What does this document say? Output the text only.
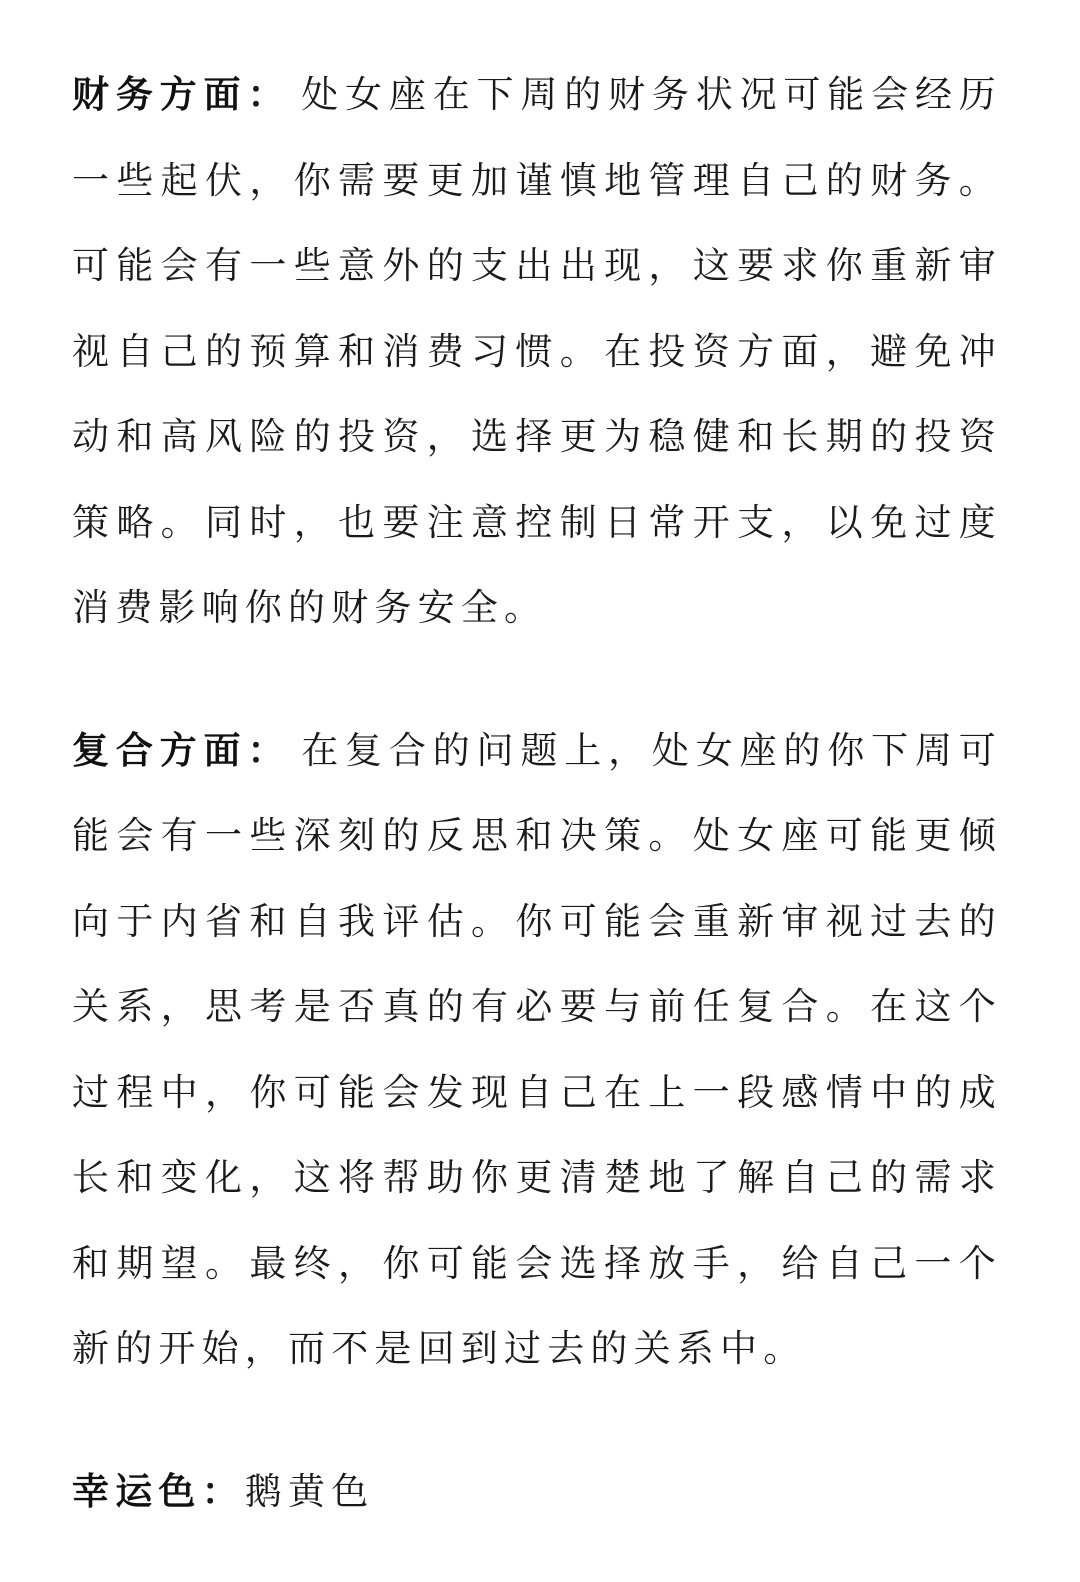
财务方面： 处女座在下周的财务状况可能会经历一些起伏，你需要更加谨慎地管理自己的财务。可能会有一些意外的支出出现，这要求你重新审视自己的预算和消费习惯。在投资方面，避免冲动和高风险的投资，选择更为稳健和长期的投资策略。同时，也要注意控制日常开支，以免过度消费影响你的财务安全。

复合方面： 在复合的问题上，处女座的你下周可能会有一些深刻的反思和决策。处女座可能更倾向于内省和自我评估。你可能会重新审视过去的关系，思考是否真的有必要与前任复合。在这个过程中，你可能会发现自己在上一段感情中的成长和变化，这将帮助你更清楚地了解自己的需求和期望。最终，你可能会选择放手，给自己一个新的开始，而不是回到过去的关系中。

幸运色：鹅黄色
